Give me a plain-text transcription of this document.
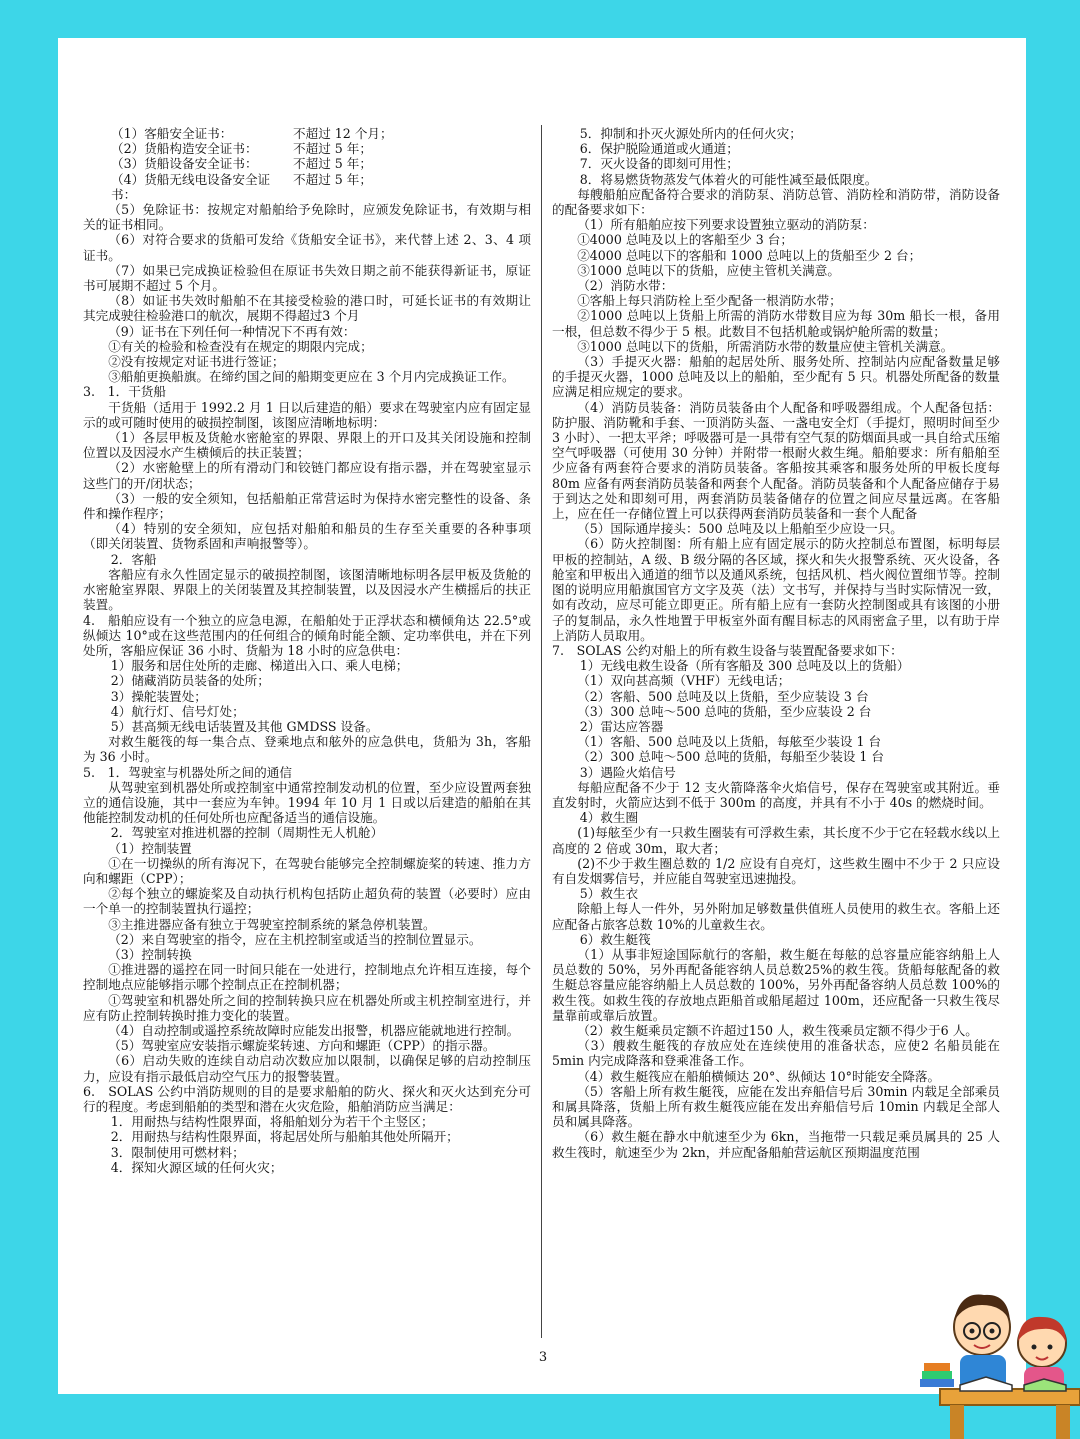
（1）客船安全证书：	不超过 12 个月；
（2）货船构造安全证书：	不超过 5 年；
（3）货船设备安全证书：	不超过 5 年；
（4）货船无线电设备安全证书：
不超过 5 年；

（5）免除证书：按规定对船舶给予免除时，应颁发免除证书，有效期与相关的证书相同。

（6）对符合要求的货船可发给《货船安全证书》，来代替上述 2、3、4 项证书。

（7）如果已完成换证检验但在原证书失效日期之前不能获得新证书，原证书可展期不超过 5 个月。

（8）如证书失效时船舶不在其接受检验的港口时，可延长证书的有效期让其完成驶往检验港口的航次，展期不得超过3 个月

（9）证书在下列任何一种情况下不再有效：

①有关的检验和检查没有在规定的期限内完成；

②没有按规定对证书进行签证；

③船舶更换船旗。在缔约国之间的船期变更应在 3 个月内完成换证工作。

3.　1．干货船

干货船（适用于 1992.2 月 1 日以后建造的船）要求在驾驶室内应有固定显示的或可随时使用的破损控制图，该图应清晰地标明：

（1）各层甲板及货舱水密舱室的界限、界限上的开口及其关闭设施和控制位置以及因浸水产生横倾后的扶正装置；

（2）水密舱壁上的所有滑动门和铰链门都应设有指示器，并在驾驶室显示这些门的开/闭状态；

（3）一般的安全须知，包括船舶正常营运时为保持水密完整性的设备、条件和操作程序；

（4）特别的安全须知，应包括对船舶和船员的生存至关重要的各种事项（即关闭装置、货物系固和声响报警等）。

2．客船

客船应有永久性固定显示的破损控制图，该图清晰地标明各层甲板及货舱的水密舱室界限、界限上的关闭装置及其控制装置，以及因浸水产生横摇后的扶正装置。

4.　船舶应设有一个独立的应急电源，在船舶处于正浮状态和横倾角达 22.5°或纵倾达 10°或在这些范围内的任何组合的倾角时能全额、定功率供电，并在下列处所，客船应保证 36 小时、货船为 18 小时的应急供电：

1）服务和居住处所的走廊、梯道出入口、乘人电梯；

2）储藏消防员装备的处所；

3）操舵装置处；

4）航行灯、信号灯处；

5）甚高频无线电话装置及其他 GMDSS 设备。

对救生艇筏的每一集合点、登乘地点和舷外的应急供电，货船为 3h，客船为 36 小时。

5.　1．驾驶室与机器处所之间的通信

从驾驶室到机器处所或控制室中通常控制发动机的位置，至少应设置两套独立的通信设施，其中一套应为车钟。1994 年 10 月 1 日或以后建造的船舶在其他能控制发动机的任何处所也应配备适当的通信设施。

2．驾驶室对推进机器的控制（周期性无人机舱）

（1）控制装置

①在一切操纵的所有海况下，在驾驶台能够完全控制螺旋桨的转速、推力方向和螺距（CPP）；

②每个独立的螺旋桨及自动执行机构包括防止超负荷的装置（必要时）应由一个单一的控制装置执行遥控；

③主推进器应备有独立于驾驶室控制系统的紧急停机装置。

（2）来自驾驶室的指令，应在主机控制室或适当的控制位置显示。

（3）控制转换

①推进器的遥控在同一时间只能在一处进行，控制地点允许相互连接，每个控制地点应能够指示哪个控制点正在控制机器；

①驾驶室和机器处所之间的控制转换只应在机器处所或主机控制室进行，并应有防止控制转换时推力变化的装置。

（4）自动控制或遥控系统故障时应能发出报警，机器应能就地进行控制。

（5）驾驶室应安装指示螺旋桨转速、方向和螺距（CPP）的指示器。

（6）启动失败的连续自动启动次数应加以限制，以确保足够的启动控制压力，应设有指示最低启动空气压力的报警装置。

6.　SOLAS 公约中消防规则的目的是要求船舶的防火、探火和灭火达到充分可行的程度。考虑到船舶的类型和潜在火灾危险，船舶消防应当满足：

1．用耐热与结构性限界面，将船舶划分为若干个主竖区；

2．用耐热与结构性限界面，将起居处所与船舶其他处所隔开；

3．限制使用可燃材料；

4．探知火源区域的任何火灾；

5．抑制和扑灭火源处所内的任何火灾；

6．保护脱险通道或火通道；

7．灭火设备的即刻可用性；

8．将易燃货物蒸发气体着火的可能性减至最低限度。

每艘船舶应配备符合要求的消防泵、消防总管、消防栓和消防带，消防设备的配备要求如下：

（1）所有船舶应按下列要求设置独立驱动的消防泵：

①4000 总吨及以上的客船至少 3 台；

②4000 总吨以下的客船和 1000 总吨以上的货船至少 2 台；

③1000 总吨以下的货船，应使主管机关满意。

（2）消防水带：

①客船上每只消防栓上至少配备一根消防水带；

②1000 总吨以上货船上所需的消防水带数目应为每 30m 船长一根，备用一根，但总数不得少于 5 根。此数目不包括机舱或锅炉舱所需的数量；

③1000 总吨以下的货船，所需消防水带的数量应使主管机关满意。

（3）手提灭火器：船舶的起居处所、服务处所、控制站内应配备数量足够的手提灭火器，1000 总吨及以上的船舶，至少配有 5 只。机器处所配备的数量应满足相应规定的要求。

（4）消防员装备：消防员装备由个人配备和呼吸器组成。个人配备包括：防护服、消防靴和手套、一顶消防头盔、一盏电安全灯（手提灯，照明时间至少 3 小时）、一把太平斧；呼吸器可是一具带有空气泵的防烟面具或一具自给式压缩空气呼吸器（可使用 30 分钟）并附带一根耐火救生绳。船舶要求：所有船舶至少应备有两套符合要求的消防员装备。客船按其乘客和服务处所的甲板长度每 80m 应备有两套消防员装备和两套个人配备。消防员装备和个人配备应储存于易于到达之处和即刻可用，两套消防员装备储存的位置之间应尽量远离。在客船上，应在任一存储位置上可以获得两套消防员装备和一套个人配备

（5）国际通岸接头：500 总吨及以上船舶至少应设一只。

（6）防火控制图：所有船上应有固定展示的防火控制总布置图，标明每层甲板的控制站，A 级、B 级分隔的各区域，探火和失火报警系统、灭火设备，各舱室和甲板出入通道的细节以及通风系统，包括风机、档火阀位置细节等。控制图的说明应用船旗国官方文字及英（法）文书写，并保持与当时实际情况一致，如有改动，应尽可能立即更正。所有船上应有一套防火控制图或具有该图的小册子的复制品，永久性地置于甲板室外面有醒目标志的风雨密盒子里，以有助于岸上消防人员取用。

7.　SOLAS 公约对船上的所有救生设备与装置配备要求如下：

1）无线电救生设备（所有客船及 300 总吨及以上的货船）

（1）双向甚高频（VHF）无线电话；

（2）客船、500 总吨及以上货船，至少应装设 3 台

（3）300 总吨～500 总吨的货船，至少应装设 2 台

2）雷达应答器

（1）客船、500 总吨及以上货船，每舷至少装设 1 台

（2）300 总吨～500 总吨的货船，每船至少装设 1 台

3）遇险火焰信号

每船应配备不少于 12 支火箭降落伞火焰信号，保存在驾驶室或其附近。垂直发射时，火箭应达到不低于 300m 的高度，并具有不小于 40s 的燃烧时间。

4）救生圈

(1)每舷至少有一只救生圈装有可浮救生索，其长度不少于它在轻载水线以上高度的 2 倍或 30m，取大者；

(2)不少于救生圈总数的 1/2 应设有自亮灯，这些救生圈中不少于 2 只应设有自发烟雾信号，并应能自驾驶室迅速抛投。

5）救生衣

除船上每人一件外，另外附加足够数量供值班人员使用的救生衣。客船上还应配备占旅客总数 10%的儿童救生衣。

6）救生艇筏

（1）从事非短途国际航行的客船，救生艇在每舷的总容量应能容纳船上人员总数的 50%，另外再配备能容纳人员总数25%的救生筏。货船每舷配备的救生艇总容量应能容纳船上人员总数的 100%，另外再配备容纳人员总数 100%的救生筏。如救生筏的存放地点距船首或船尾超过 100m，还应配备一只救生筏尽量靠前或靠后放置。

（2）救生艇乘员定额不许超过150 人，救生筏乘员定额不得少于6 人。

（3）艘救生艇筏的存放应处在连续使用的准备状态，应使2 名船员能在 5min 内完成降落和登乘准备工作。

（4）救生艇筏应在船舶横倾达 20°、纵倾达 10°时能安全降落。

（5）客船上所有救生艇筏，应能在发出弃船信号后 30min 内载足全部乘员和属具降落，货船上所有救生艇筏应能在发出弃船信号后 10min 内载足全部人员和属具降落。

（6）救生艇在静水中航速至少为 6kn，当拖带一只载足乘员属具的 25 人救生筏时，航速至少为 2kn，并应配备船舶营运航区预期温度范围

3
